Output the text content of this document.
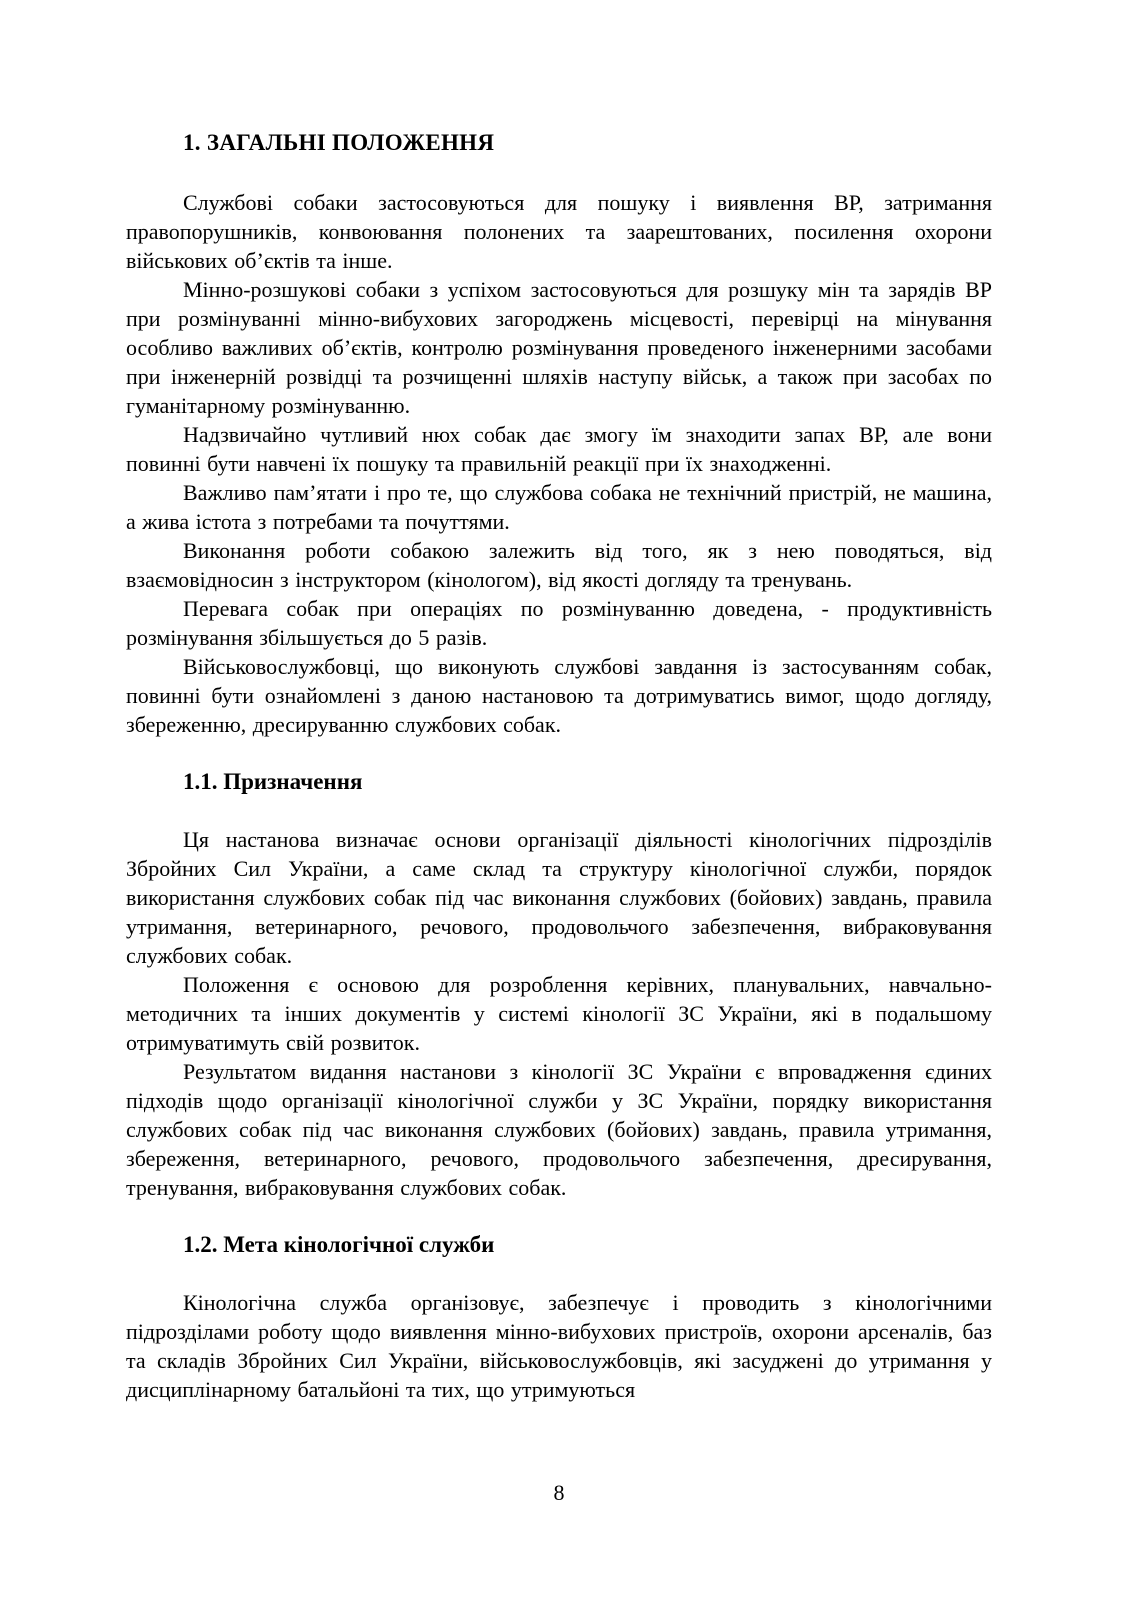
1. ЗАГАЛЬНІ ПОЛОЖЕННЯ

Службові собаки застосовуються для пошуку і виявлення ВР, затримання правопорушників, конвоювання полонених та заарештованих, посилення охорони військових об’єктів та інше.

Мінно-розшукові собаки з успіхом застосовуються для розшуку мін та зарядів ВР при розмінуванні мінно-вибухових загороджень місцевості, перевірці на мінування особливо важливих об’єктів, контролю розмінування проведеного інженерними засобами при інженерній розвідці та розчищенні шляхів наступу військ, а також при засобах по гуманітарному розмінуванню.

Надзвичайно чутливий нюх собак дає змогу їм знаходити запах ВР, але вони повинні бути навчені їх пошуку та правильній реакції при їх знаходженні.

Важливо пам’ятати і про те, що службова собака не технічний пристрій, не машина, а жива істота з потребами та почуттями.

Виконання роботи собакою залежить від того, як з нею поводяться, від взаємовідносин з інструктором (кінологом), від якості догляду та тренувань.

Перевага собак при операціях по розмінуванню доведена, - продуктивність розмінування збільшується до 5 разів.

Військовослужбовці, що виконують службові завдання із застосуванням собак, повинні бути ознайомлені з даною настановою та дотримуватись вимог, щодо догляду, збереженню, дресируванню службових собак.

1.1. Призначення

Ця настанова визначає основи організації діяльності кінологічних підрозділів Збройних Сил України, а саме склад та структуру кінологічної служби, порядок використання службових собак під час виконання службових (бойових) завдань, правила утримання, ветеринарного, речового, продовольчого забезпечення, вибраковування службових собак.

Положення є основою для розроблення керівних, планувальних, навчально-методичних та інших документів у системі кінології ЗС України, які в подальшому отримуватимуть свій розвиток.

Результатом видання настанови з кінології ЗС України є впровадження єдиних підходів щодо організації кінологічної служби у ЗС України, порядку використання службових собак під час виконання службових (бойових) завдань, правила утримання, збереження, ветеринарного, речового, продовольчого забезпечення, дресирування, тренування, вибраковування службових собак.

1.2. Мета кінологічної служби

Кінологічна служба організовує, забезпечує і проводить з кінологічними підрозділами роботу щодо виявлення мінно-вибухових пристроїв, охорони арсеналів, баз та складів Збройних Сил України, військовослужбовців, які засуджені до утримання у дисциплінарному батальйоні та тих, що утримуються

8
